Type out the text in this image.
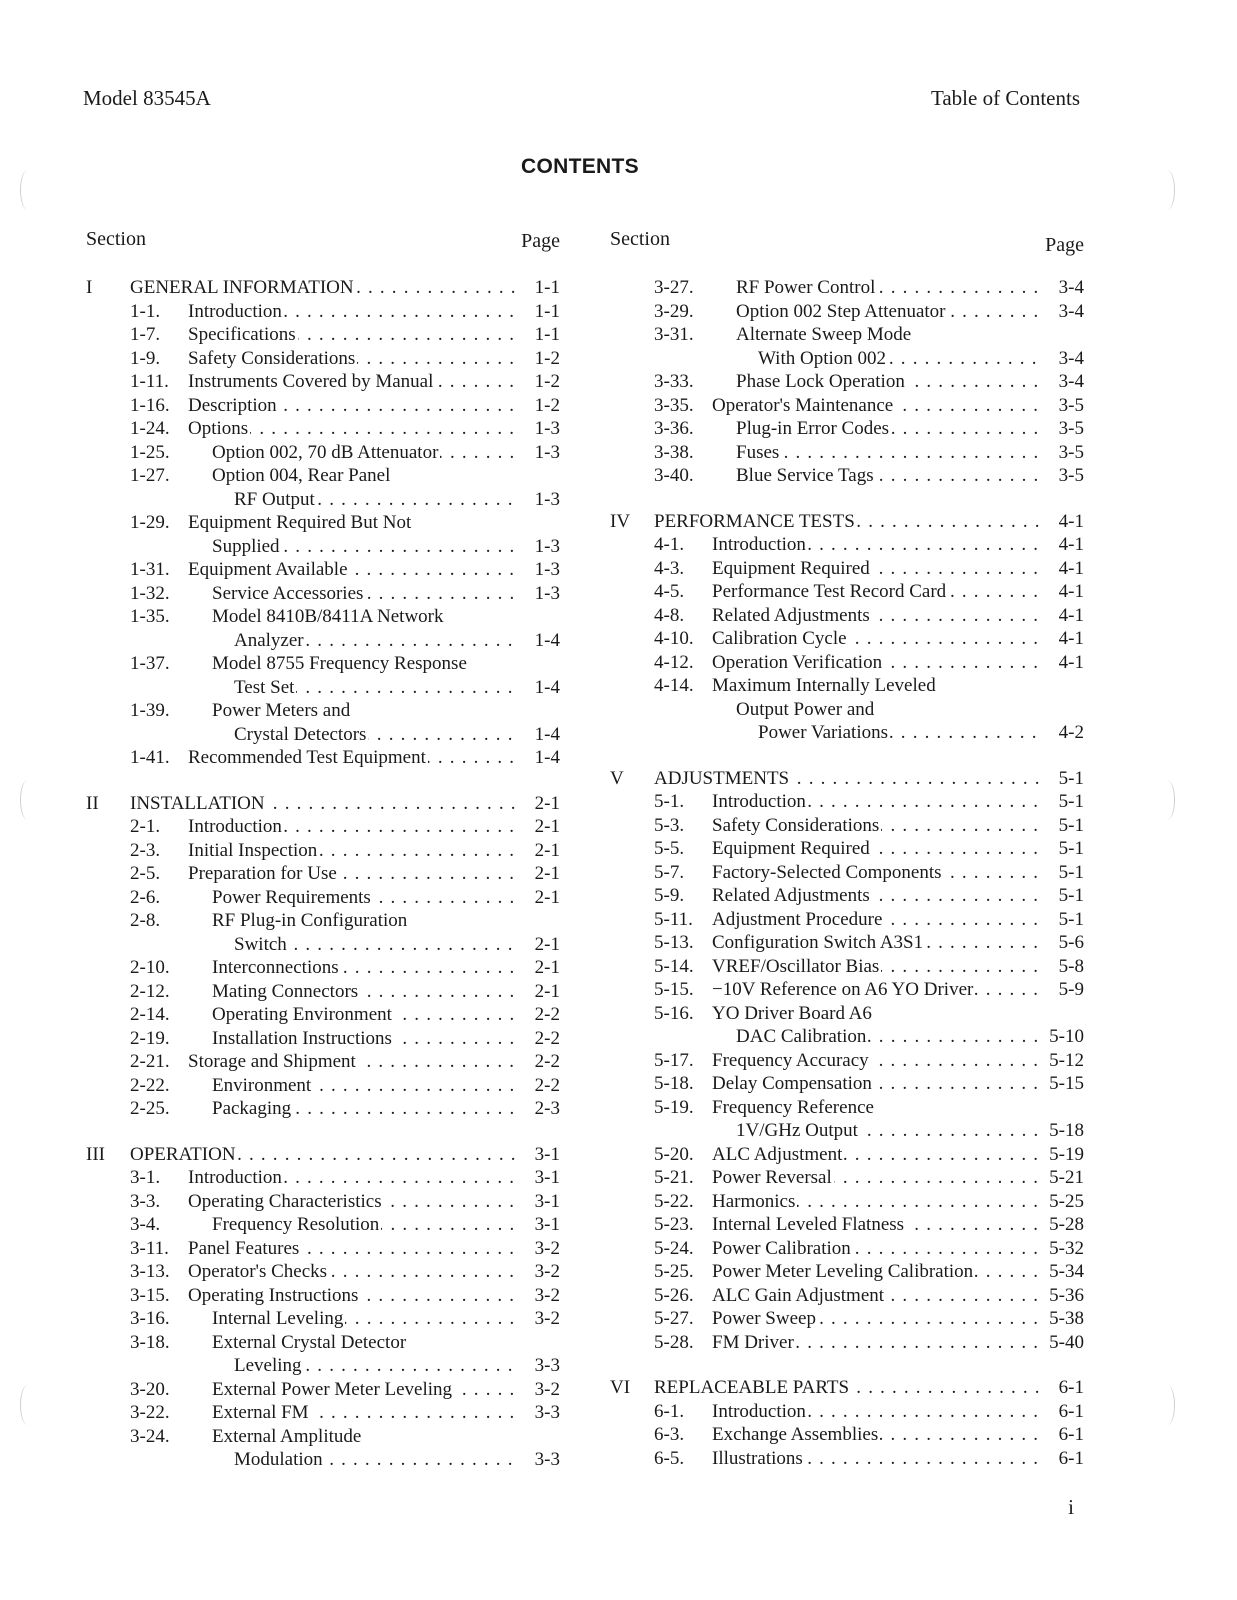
Model 83545A	Table of Contents
CONTENTS
Section	Page
I GENERAL INFORMATION . . .	1-1
1-1. Introduction . . .	1-1
1-7. Specifications . . .	1-1
1-9. Safety Considerations . . .	1-2
1-11. Instruments Covered by Manual . . .	1-2
1-16. Description . . .	1-2
1-24. Options . . .	1-3
1-25. Option 002, 70 dB Attenuator . . .	1-3
1-27. Option 004, Rear Panel
RF Output . . .	1-3
1-29. Equipment Required But Not
Supplied . . .	1-3
1-31. Equipment Available . . .	1-3
1-32. Service Accessories . . .	1-3
1-35. Model 8410B/8411A Network
Analyzer . . .	1-4
1-37. Model 8755 Frequency Response
Test Set . . .	1-4
1-39. Power Meters and
Crystal Detectors . . .	1-4
1-41. Recommended Test Equipment . . .	1-4
II INSTALLATION . . .	2-1
2-1. Introduction . . .	2-1
2-3. Initial Inspection . . .	2-1
2-5. Preparation for Use . . .	2-1
2-6.	Power Requirements . . .	2-1
2-8.	RF Plug-in Configuration
Switch . . .	2-1
2-10. Interconnections . . .	2-1
2-12. Mating Connectors . . .	2-1
2-14. Operating Environment . . .	2-2
2-19. Installation Instructions . . .	2-2
2-21. Storage and Shipment . . .	2-2
2-22. Environment . . .	2-2
2-25. Packaging . . .	2-3
III OPERATION . . .	3-1
3-1. Introduction . . .	3-1
3-3. Operating Characteristics . . .	3-1
3-4.	Frequency Resolution . . .	3-1
3-11. Panel Features . . .	3-2
3-13. Operator's Checks . . .	3-2
3-15. Operating Instructions . . .	3-2
3-16. Internal Leveling . . .	3-2
3-18. External Crystal Detector
Leveling . . .	3-3
3-20. External Power Meter Leveling . . .	3-2
3-22. External FM . . .	3-3
3-24. External Amplitude
Modulation . . .	3-3
Section	Page
3-27. RF Power Control . . .	3-4
3-29. Option 002 Step Attenuator . . .	3-4
3-31. Alternate Sweep Mode
With Option 002 . . .	3-4
3-33. Phase Lock Operation . . .	3-4
3-35. Operator's Maintenance . . .	3-5
3-36. Plug-in Error Codes . . .	3-5
3-38. Fuses . . .	3-5
3-40. Blue Service Tags . . .	3-5
IV PERFORMANCE TESTS . . .	4-1
4-1. Introduction . . .	4-1
4-3. Equipment Required . . .	4-1
4-5. Performance Test Record Card . . .	4-1
4-8. Related Adjustments . . .	4-1
4-10. Calibration Cycle . . .	4-1
4-12. Operation Verification . . .	4-1
4-14. Maximum Internally Leveled
Output Power and
Power Variations . . .	4-2
V ADJUSTMENTS . . .	5-1
5-1. Introduction . . .	5-1
5-3. Safety Considerations . . .	5-1
5-5. Equipment Required . . .	5-1
5-7. Factory-Selected Components . . .	5-1
5-9. Related Adjustments . . .	5-1
5-11. Adjustment Procedure . . .	5-1
5-13. Configuration Switch A3S1 . . .	5-6
5-14. VREF/Oscillator Bias . . .	5-8
5-15. −10V Reference on A6 YO Driver . . .	5-9
5-16. YO Driver Board A6
DAC Calibration . . .	5-10
5-17. Frequency Accuracy . . .	5-12
5-18. Delay Compensation . . .	5-15
5-19. Frequency Reference
1V/GHz Output . . .	5-18
5-20. ALC Adjustment . . .	5-19
5-21. Power Reversal . . .	5-21
5-22. Harmonics . . .	5-25
5-23. Internal Leveled Flatness . . .	5-28
5-24. Power Calibration . . .	5-32
5-25. Power Meter Leveling Calibration . . .	5-34
5-26. ALC Gain Adjustment . . .	5-36
5-27. Power Sweep . . .	5-38
5-28. FM Driver . . .	5-40
VI REPLACEABLE PARTS . . .	6-1
6-1. Introduction . . .	6-1
6-3. Exchange Assemblies . . .	6-1
6-5. Illustrations . . .	6-1
i
